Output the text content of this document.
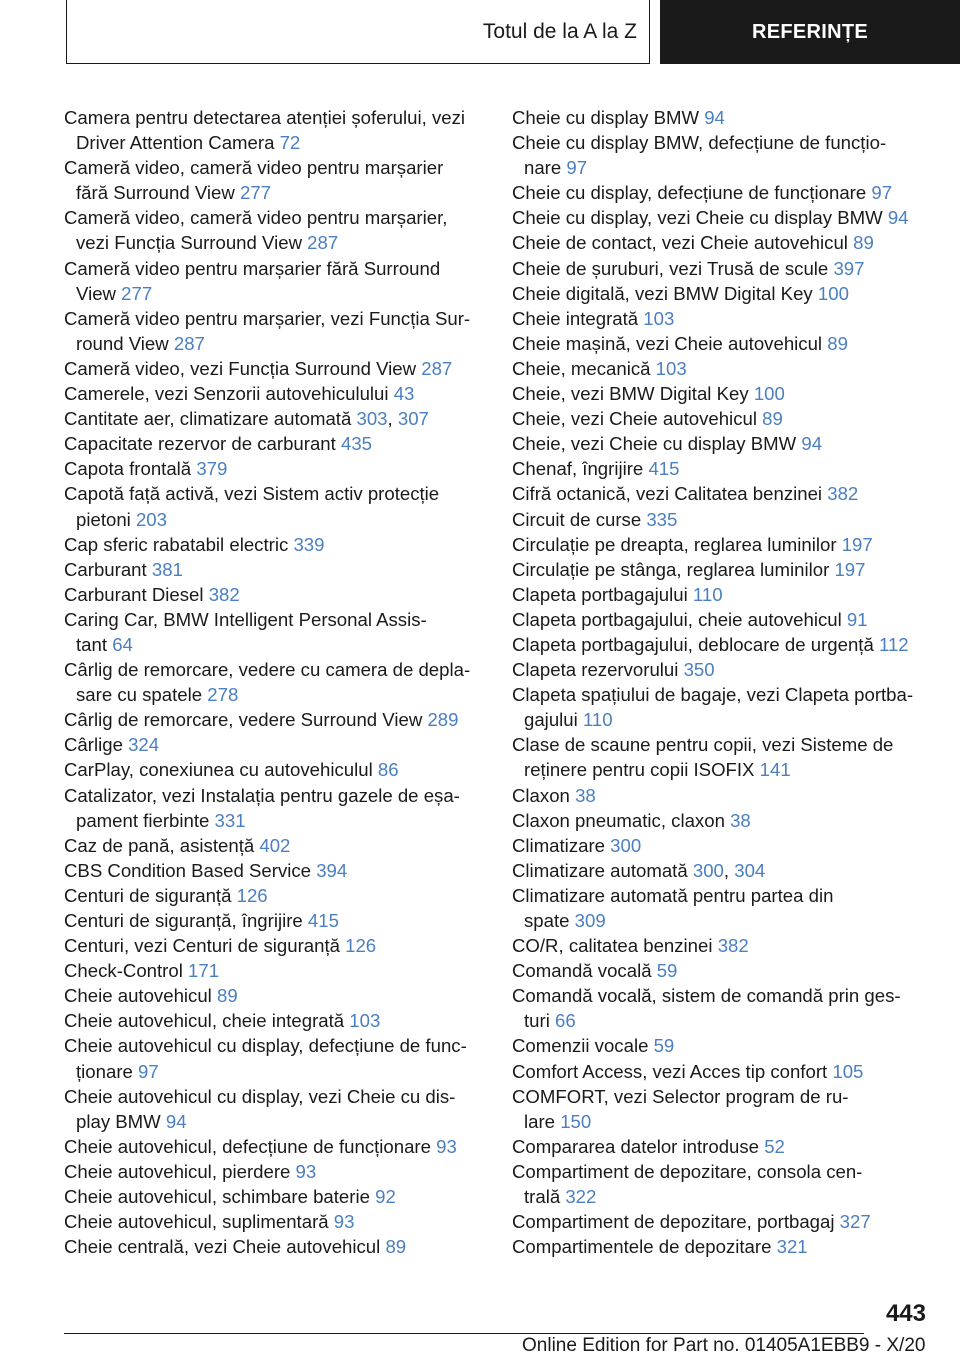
Totul de la A la Z	REFERINȚE
Camera pentru detectarea atenției șoferului, vezi
Driver Attention Camera 72
Cameră video, cameră video pentru marșarier
fără Surround View 277
Cameră video, cameră video pentru marșarier,
vezi Funcția Surround View 287
Cameră video pentru marșarier fără Surround
View 277
Cameră video pentru marșarier, vezi Funcția Sur-
round View 287
Cameră video, vezi Funcția Surround View 287
Camerele, vezi Senzorii autovehiculului 43
Cantitate aer, climatizare automată 303, 307
Capacitate rezervor de carburant 435
Capota frontală 379
Capotă față activă, vezi Sistem activ protecție
pietoni 203
Cap sferic rabatabil electric 339
Carburant 381
Carburant Diesel 382
Caring Car, BMW Intelligent Personal Assis-
tant 64
Cârlig de remorcare, vedere cu camera de depla-
sare cu spatele 278
Cârlig de remorcare, vedere Surround View 289
Cârlige 324
CarPlay, conexiunea cu autovehiculul 86
Catalizator, vezi Instalația pentru gazele de eșa-
pament fierbinte 331
Caz de pană, asistență 402
CBS Condition Based Service 394
Centuri de siguranță 126
Centuri de siguranță, îngrijire 415
Centuri, vezi Centuri de siguranță 126
Check-Control 171
Cheie autovehicul 89
Cheie autovehicul, cheie integrată 103
Cheie autovehicul cu display, defecțiune de func-
ționare 97
Cheie autovehicul cu display, vezi Cheie cu dis-
play BMW 94
Cheie autovehicul, defecțiune de funcționare 93
Cheie autovehicul, pierdere 93
Cheie autovehicul, schimbare baterie 92
Cheie autovehicul, suplimentară 93
Cheie centrală, vezi Cheie autovehicul 89
Cheie cu display BMW 94
Cheie cu display BMW, defecțiune de funcțio-
nare 97
Cheie cu display, defecțiune de funcționare 97
Cheie cu display, vezi Cheie cu display BMW 94
Cheie de contact, vezi Cheie autovehicul 89
Cheie de șuruburi, vezi Trusă de scule 397
Cheie digitală, vezi BMW Digital Key 100
Cheie integrată 103
Cheie mașină, vezi Cheie autovehicul 89
Cheie, mecanică 103
Cheie, vezi BMW Digital Key 100
Cheie, vezi Cheie autovehicul 89
Cheie, vezi Cheie cu display BMW 94
Chenaf, îngrijire 415
Cifră octanică, vezi Calitatea benzinei 382
Circuit de curse 335
Circulație pe dreapta, reglarea luminilor 197
Circulație pe stânga, reglarea luminilor 197
Clapeta portbagajului 110
Clapeta portbagajului, cheie autovehicul 91
Clapeta portbagajului, deblocare de urgență 112
Clapeta rezervorului 350
Clapeta spațiului de bagaje, vezi Clapeta portba-
gajului 110
Clase de scaune pentru copii, vezi Sisteme de
reținere pentru copii ISOFIX 141
Claxon 38
Claxon pneumatic, claxon 38
Climatizare 300
Climatizare automată 300, 304
Climatizare automată pentru partea din
spate 309
CO/R, calitatea benzinei 382
Comandă vocală 59
Comandă vocală, sistem de comandă prin ges-
turi 66
Comenzii vocale 59
Comfort Access, vezi Acces tip confort 105
COMFORT, vezi Selector program de ru-
lare 150
Compararea datelor introduse 52
Compartiment de depozitare, consola cen-
trală 322
Compartiment de depozitare, portbagaj 327
Compartimentele de depozitare 321
443
Online Edition for Part no. 01405A1EBB9 - X/20
